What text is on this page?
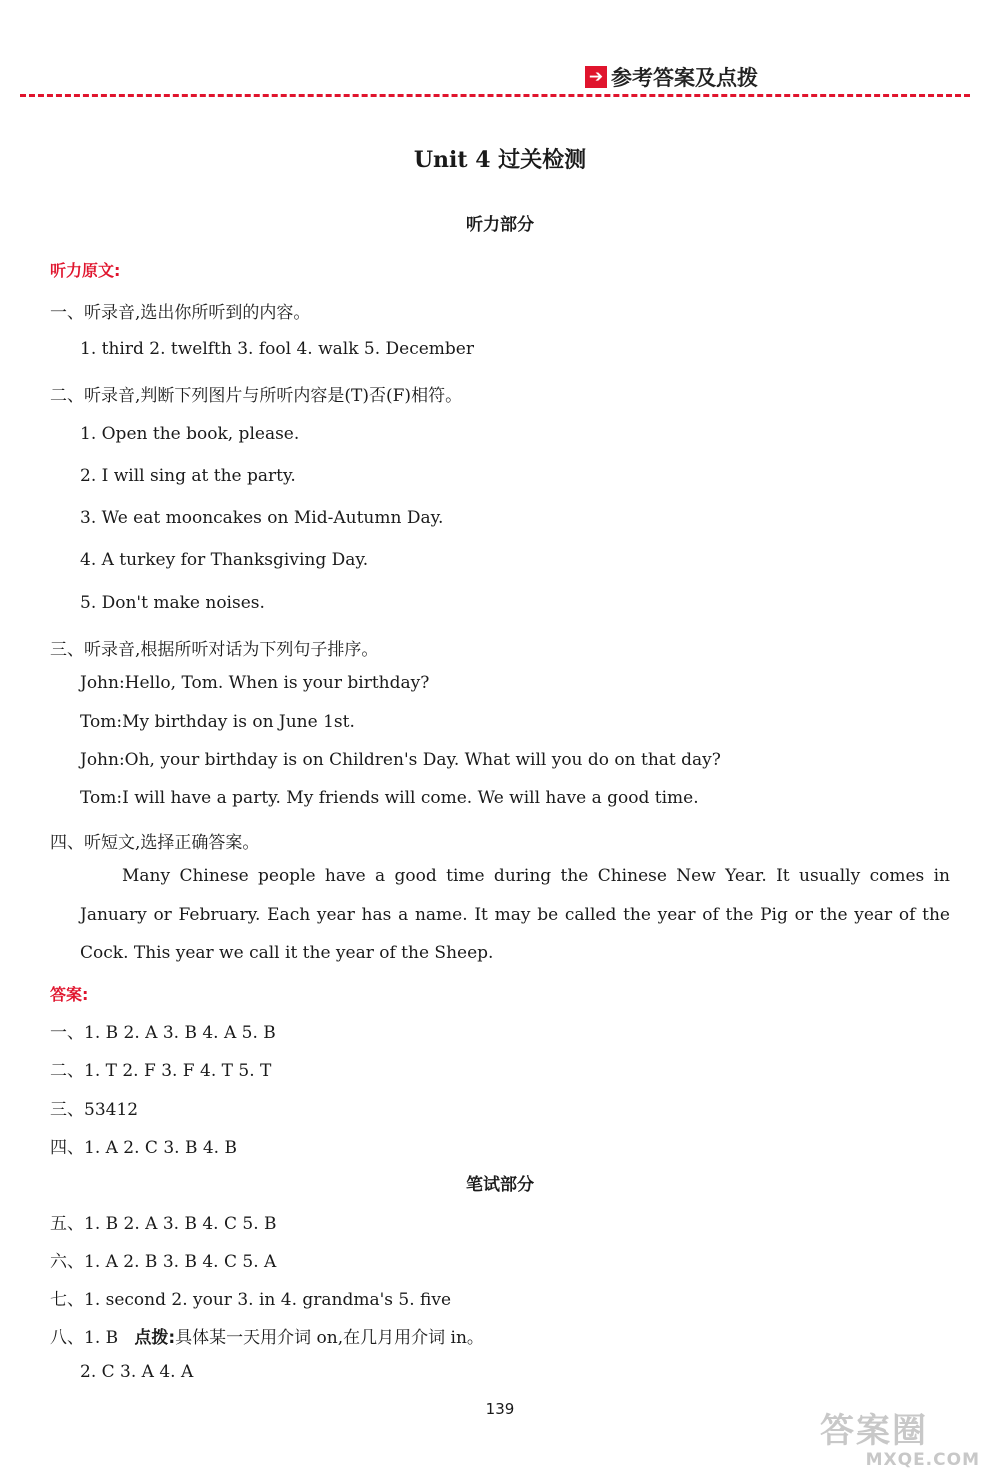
➔ 参考答案及点拨
Unit 4 过关检测
听力部分
听力原文:
一、听录音,选出你所听到的内容。
1. third 2. twelfth 3. fool 4. walk 5. December
二、听录音,判断下列图片与所听内容是(T)否(F)相符。
1. Open the book, please.
2. I will sing at the party.
3. We eat mooncakes on Mid-Autumn Day.
4. A turkey for Thanksgiving Day.
5. Don't make noises.
三、听录音,根据所听对话为下列句子排序。
John:Hello, Tom. When is your birthday?
Tom:My birthday is on June 1st.
John:Oh, your birthday is on Children's Day. What will you do on that day?
Tom:I will have a party. My friends will come. We will have a good time.
四、听短文,选择正确答案。
Many Chinese people have a good time during the Chinese New Year. It usually comes in January or February. Each year has a name. It may be called the year of the Pig or the year of the Cock. This year we call it the year of the Sheep.
答案:
一、1. B 2. A 3. B 4. A 5. B
二、1. T 2. F 3. F 4. T 5. T
三、53412
四、1. A 2. C 3. B 4. B
笔试部分
五、1. B 2. A 3. B 4. C 5. B
六、1. A 2. B 3. B 4. C 5. A
七、1. second 2. your 3. in 4. grandma's 5. five
八、1. B 点拨:具体某一天用介词 on,在几月用介词 in。
2. C 3. A 4. A
139
答案圈
MXQE.COM
